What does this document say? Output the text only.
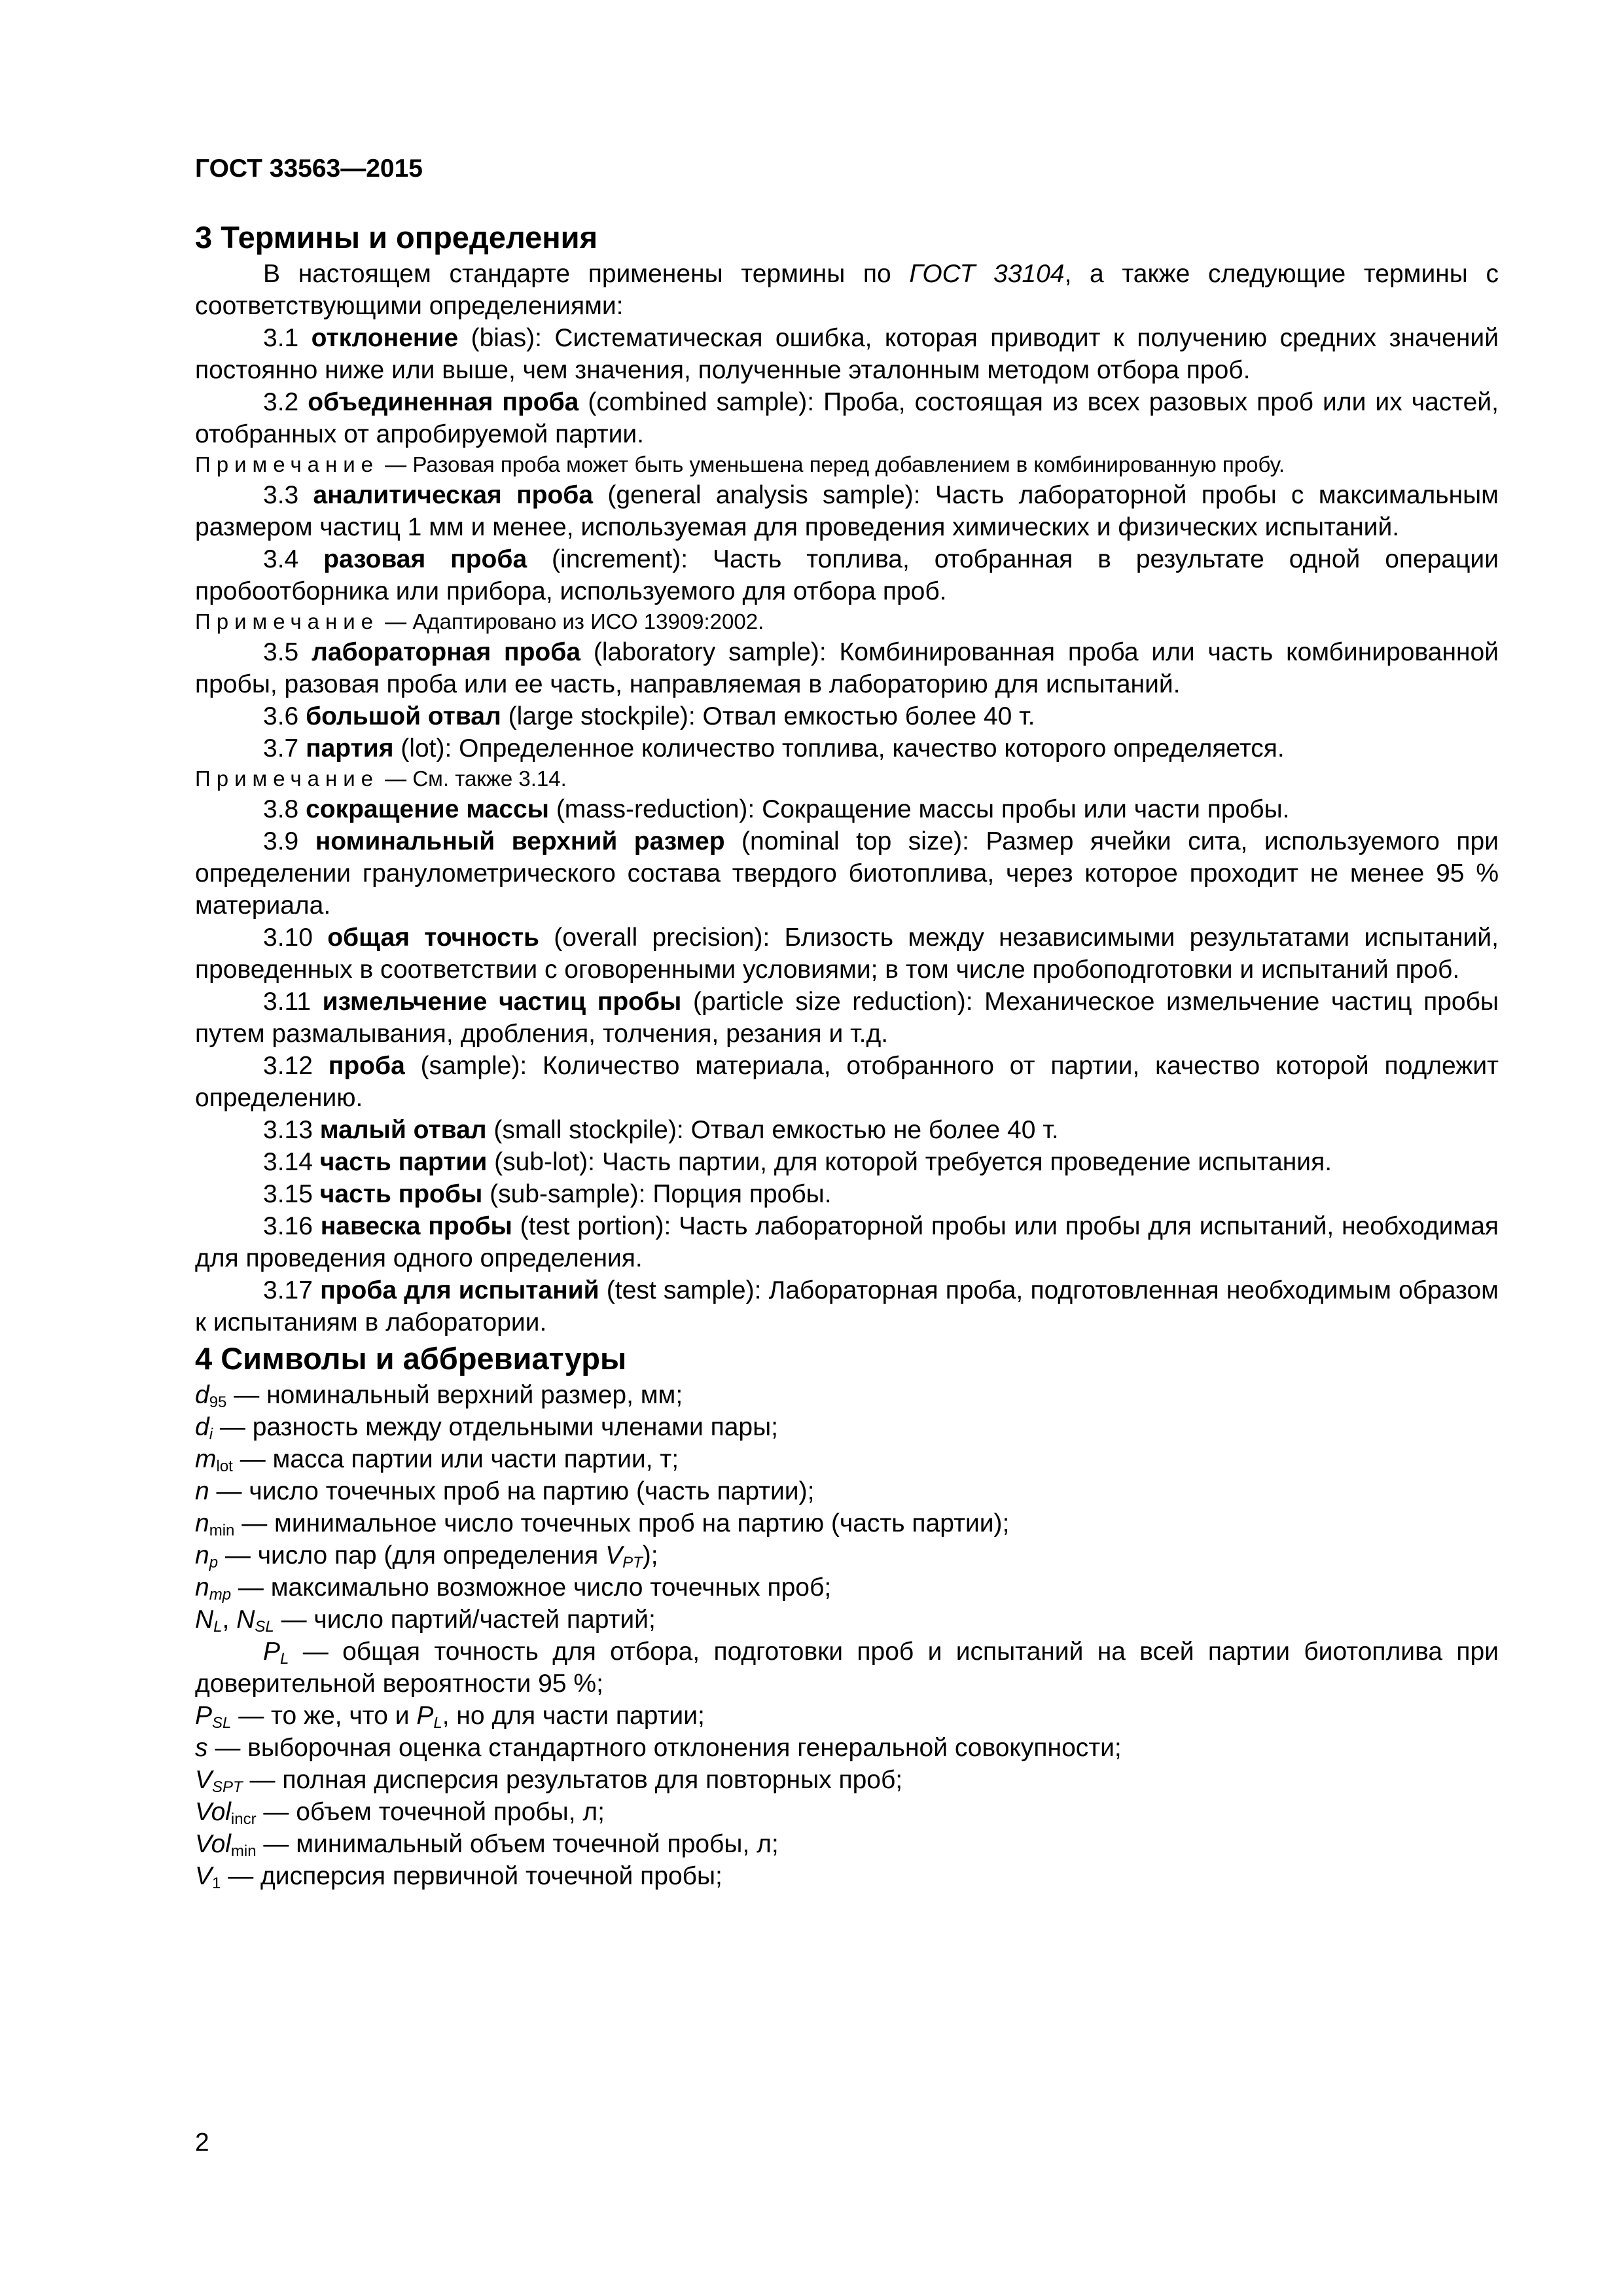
ГОСТ 33563—2015

3 Термины и определения

В настоящем стандарте применены термины по ГОСТ 33104, а также следующие термины с соответствующими определениями:

3.1 отклонение (bias): Систематическая ошибка, которая приводит к получению средних значений постоянно ниже или выше, чем значения, полученные эталонным методом отбора проб.

3.2 объединенная проба (combined sample): Проба, состоящая из всех разовых проб или их частей, отобранных от апробируемой партии.

Примечание — Разовая проба может быть уменьшена перед добавлением в комбинированную пробу.

3.3 аналитическая проба (general analysis sample): Часть лабораторной пробы с максимальным размером частиц 1 мм и менее, используемая для проведения химических и физических испытаний.

3.4 разовая проба (increment): Часть топлива, отобранная в результате одной операции пробоотборника или прибора, используемого для отбора проб.

Примечание — Адаптировано из ИСО 13909:2002.

3.5 лабораторная проба (laboratory sample): Комбинированная проба или часть комбинированной пробы, разовая проба или ее часть, направляемая в лабораторию для испытаний.

3.6 большой отвал (large stockpile): Отвал емкостью более 40 т.

3.7 партия (lot): Определенное количество топлива, качество которого определяется.

Примечание — См. также 3.14.

3.8 сокращение массы (mass-reduction): Сокращение массы пробы или части пробы.

3.9 номинальный верхний размер (nominal top size): Размер ячейки сита, используемого при определении гранулометрического состава твердого биотоплива, через которое проходит не менее 95 % материала.

3.10 общая точность (overall precision): Близость между независимыми результатами испытаний, проведенных в соответствии с оговоренными условиями; в том числе пробоподготовки и испытаний проб.

3.11 измельчение частиц пробы (particle size reduction): Механическое измельчение частиц пробы путем размалывания, дробления, толчения, резания и т.д.

3.12 проба (sample): Количество материала, отобранного от партии, качество которой подлежит определению.

3.13 малый отвал (small stockpile): Отвал емкостью не более 40 т.

3.14 часть партии (sub-lot): Часть партии, для которой требуется проведение испытания.

3.15 часть пробы (sub-sample): Порция пробы.

3.16 навеска пробы (test portion): Часть лабораторной пробы или пробы для испытаний, необходимая для проведения одного определения.

3.17 проба для испытаний (test sample): Лабораторная проба, подготовленная необходимым образом к испытаниям в лаборатории.

4 Символы и аббревиатуры

$d_{95}$ — номинальный верхний размер, мм;

$d_i$ — разность между отдельными членами пары;

$m_{lot}$ — масса партии или части партии, т;

n — число точечных проб на партию (часть партии);

$n_{min}$ — минимальное число точечных проб на партию (часть партии);

$n_p$ — число пар (для определения $V_{PT}$);

$n_{mp}$ — максимально возможное число точечных проб;

$N_L$, $N_{SL}$ — число партий/частей партий;

$P_L$ — общая точность для отбора, подготовки проб и испытаний на всей партии биотоплива при доверительной вероятности 95 %;

$P_{SL}$ — то же, что и $P_L$, но для части партии;

s — выборочная оценка стандартного отклонения генеральной совокупности;

$V_{SPT}$ — полная дисперсия результатов для повторных проб;

Vol$_{incr}$ — объем точечной пробы, л;

Vol$_{min}$ — минимальный объем точечной пробы, л;

$V_1$ — дисперсия первичной точечной пробы;

2
